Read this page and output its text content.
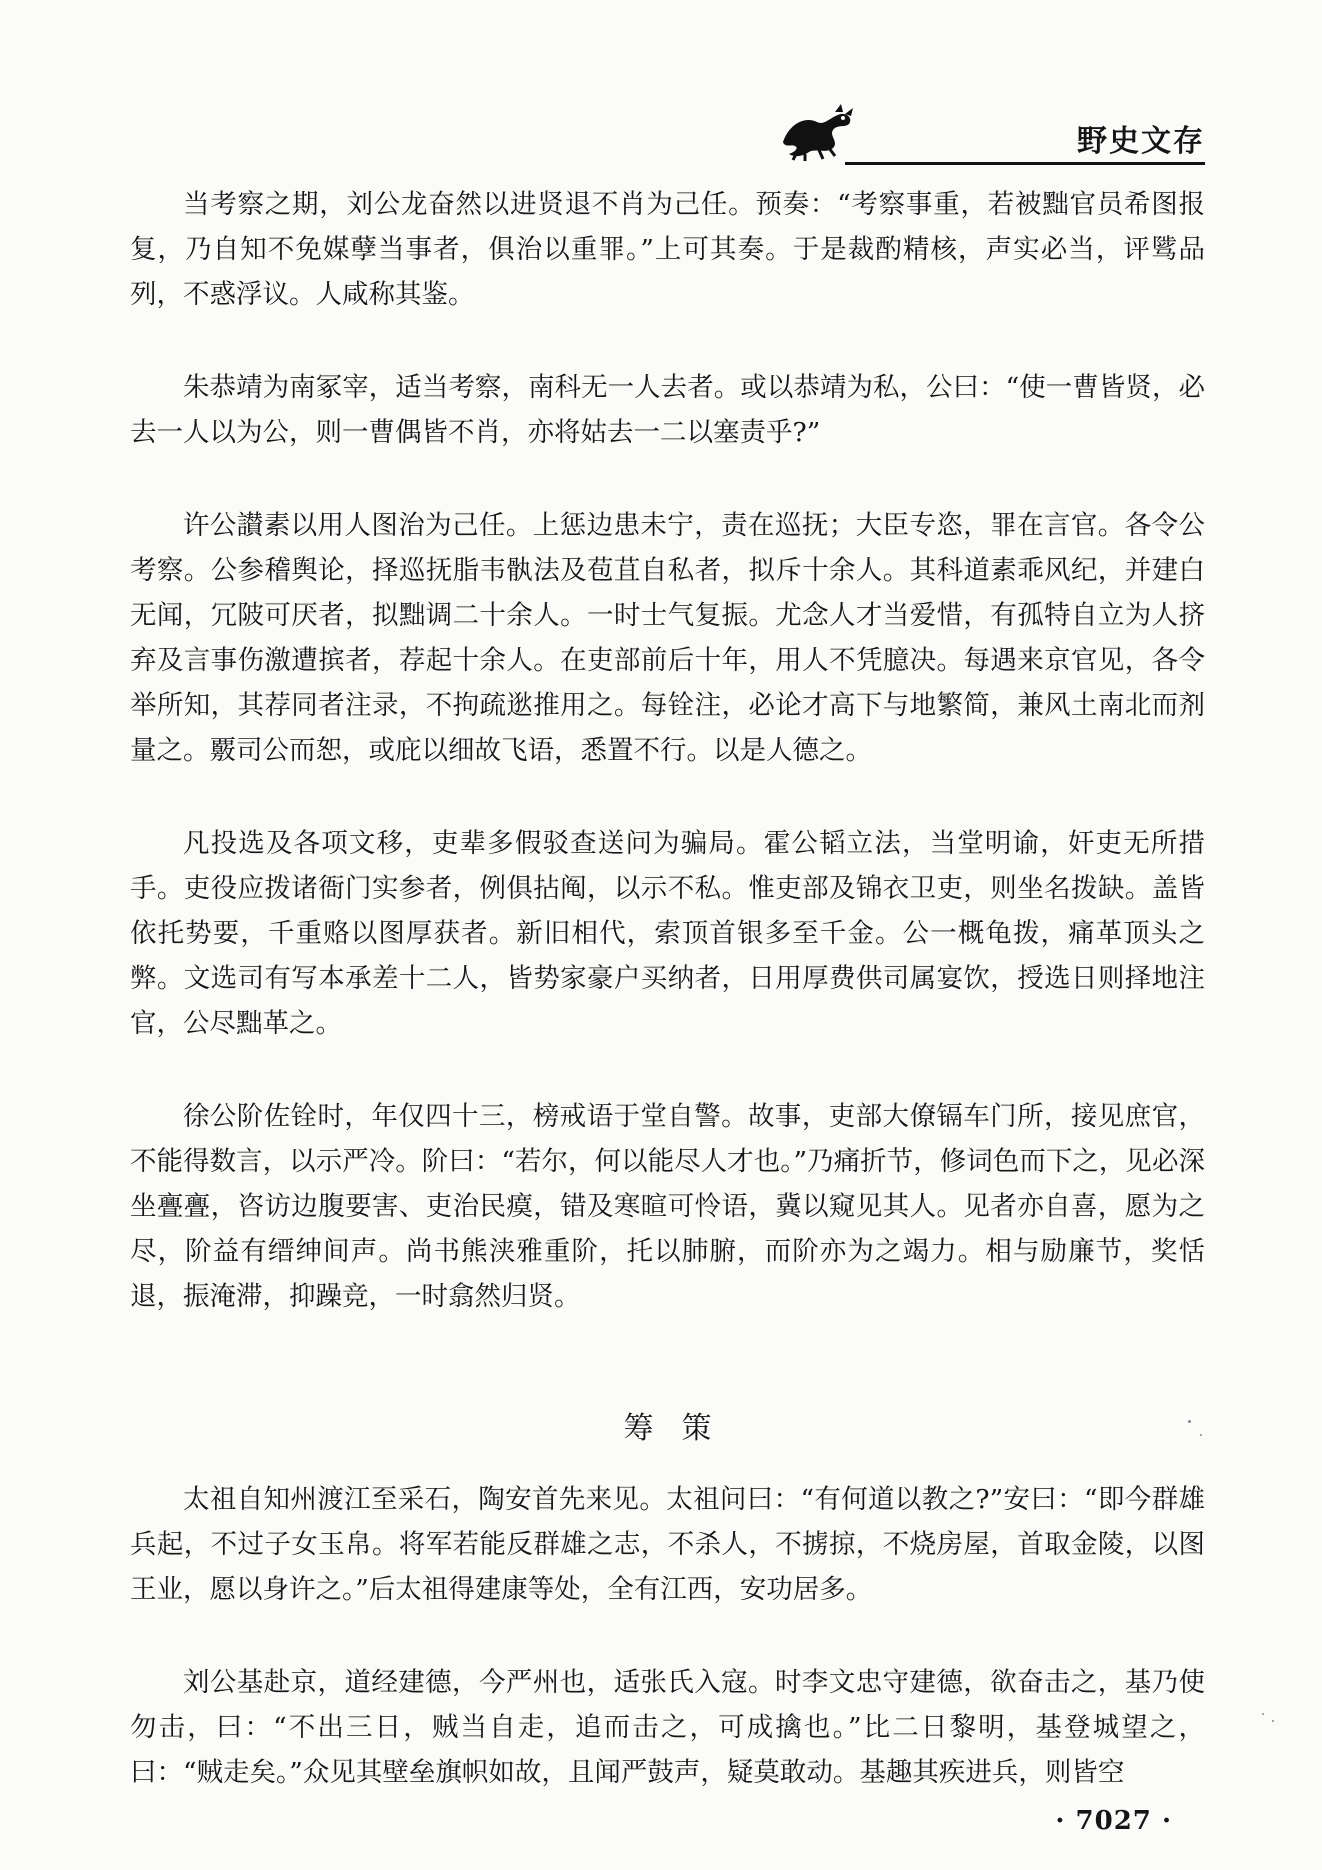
野史文存

当考察之期，刘公龙奋然以进贤退不肖为己任。预奏：“考察事重，若被黜官员希图报复，乃自知不免媒孽当事者，俱治以重罪。”上可其奏。于是裁酌精核，声实必当，评骘品列，不惑浮议。人咸称其鉴。

朱恭靖为南冢宰，适当考察，南科无一人去者。或以恭靖为私，公曰：“使一曹皆贤，必去一人以为公，则一曹偶皆不肖，亦将姑去一二以塞责乎?”

许公讃素以用人图治为己任。上惩边患未宁，责在巡抚；大臣专恣，罪在言官。各令公考察。公参稽舆论，择巡抚脂韦骫法及苞苴自私者，拟斥十余人。其科道素乖风纪，并建白无闻，冗陂可厌者，拟黜调二十余人。一时士气复振。尤念人才当爱惜，有孤特自立为人挤弃及言事伤激遭摈者，荐起十余人。在吏部前后十年，用人不凭臆决。每遇来京官见，各令举所知，其荐同者注录，不拘疏逖推用之。每铨注，必论才高下与地繁简，兼风土南北而剂量之。覈司公而恕，或庇以细故飞语，悉置不行。以是人德之。

凡投选及各项文移，吏辈多假驳查送问为骗局。霍公韬立法，当堂明谕，奸吏无所措手。吏役应拨诸衙门实参者，例俱拈阄，以示不私。惟吏部及锦衣卫吏，则坐名拨缺。盖皆依托势要，千重赂以图厚获者。新旧相代，索顶首银多至千金。公一概龟拨，痛革顶头之弊。文选司有写本承差十二人，皆势家豪户买纳者，日用厚费供司属宴饮，授选日则择地注官，公尽黜革之。

徐公阶佐铨时，年仅四十三，榜戒语于堂自警。故事，吏部大僚镉车门所，接见庶官，不能得数言，以示严冷。阶曰：“若尔，何以能尽人才也。”乃痛折节，修词色而下之，见必深坐亹亹，咨访边腹要害、吏治民瘼，错及寒暄可怜语，冀以窥见其人。见者亦自喜，愿为之尽，阶益有缙绅间声。尚书熊浃雅重阶，托以肺腑，而阶亦为之竭力。相与励廉节，奖恬退，振淹滞，抑躁竞，一时翕然归贤。

筹策

太祖自知州渡江至采石，陶安首先来见。太祖问曰：“有何道以教之?”安曰：“即今群雄兵起，不过子女玉帛。将军若能反群雄之志，不杀人，不掳掠，不烧房屋，首取金陵，以图王业，愿以身许之。”后太祖得建康等处，全有江西，安功居多。

刘公基赴京，道经建德，今严州也，适张氏入寇。时李文忠守建德，欲奋击之，基乃使勿击，曰：“不出三日，贼当自走，追而击之，可成擒也。”比二日黎明，基登城望之，曰：“贼走矣。”众见其壁垒旗帜如故，且闻严鼓声，疑莫敢动。基趣其疾进兵，则皆空

· 7027 ·
